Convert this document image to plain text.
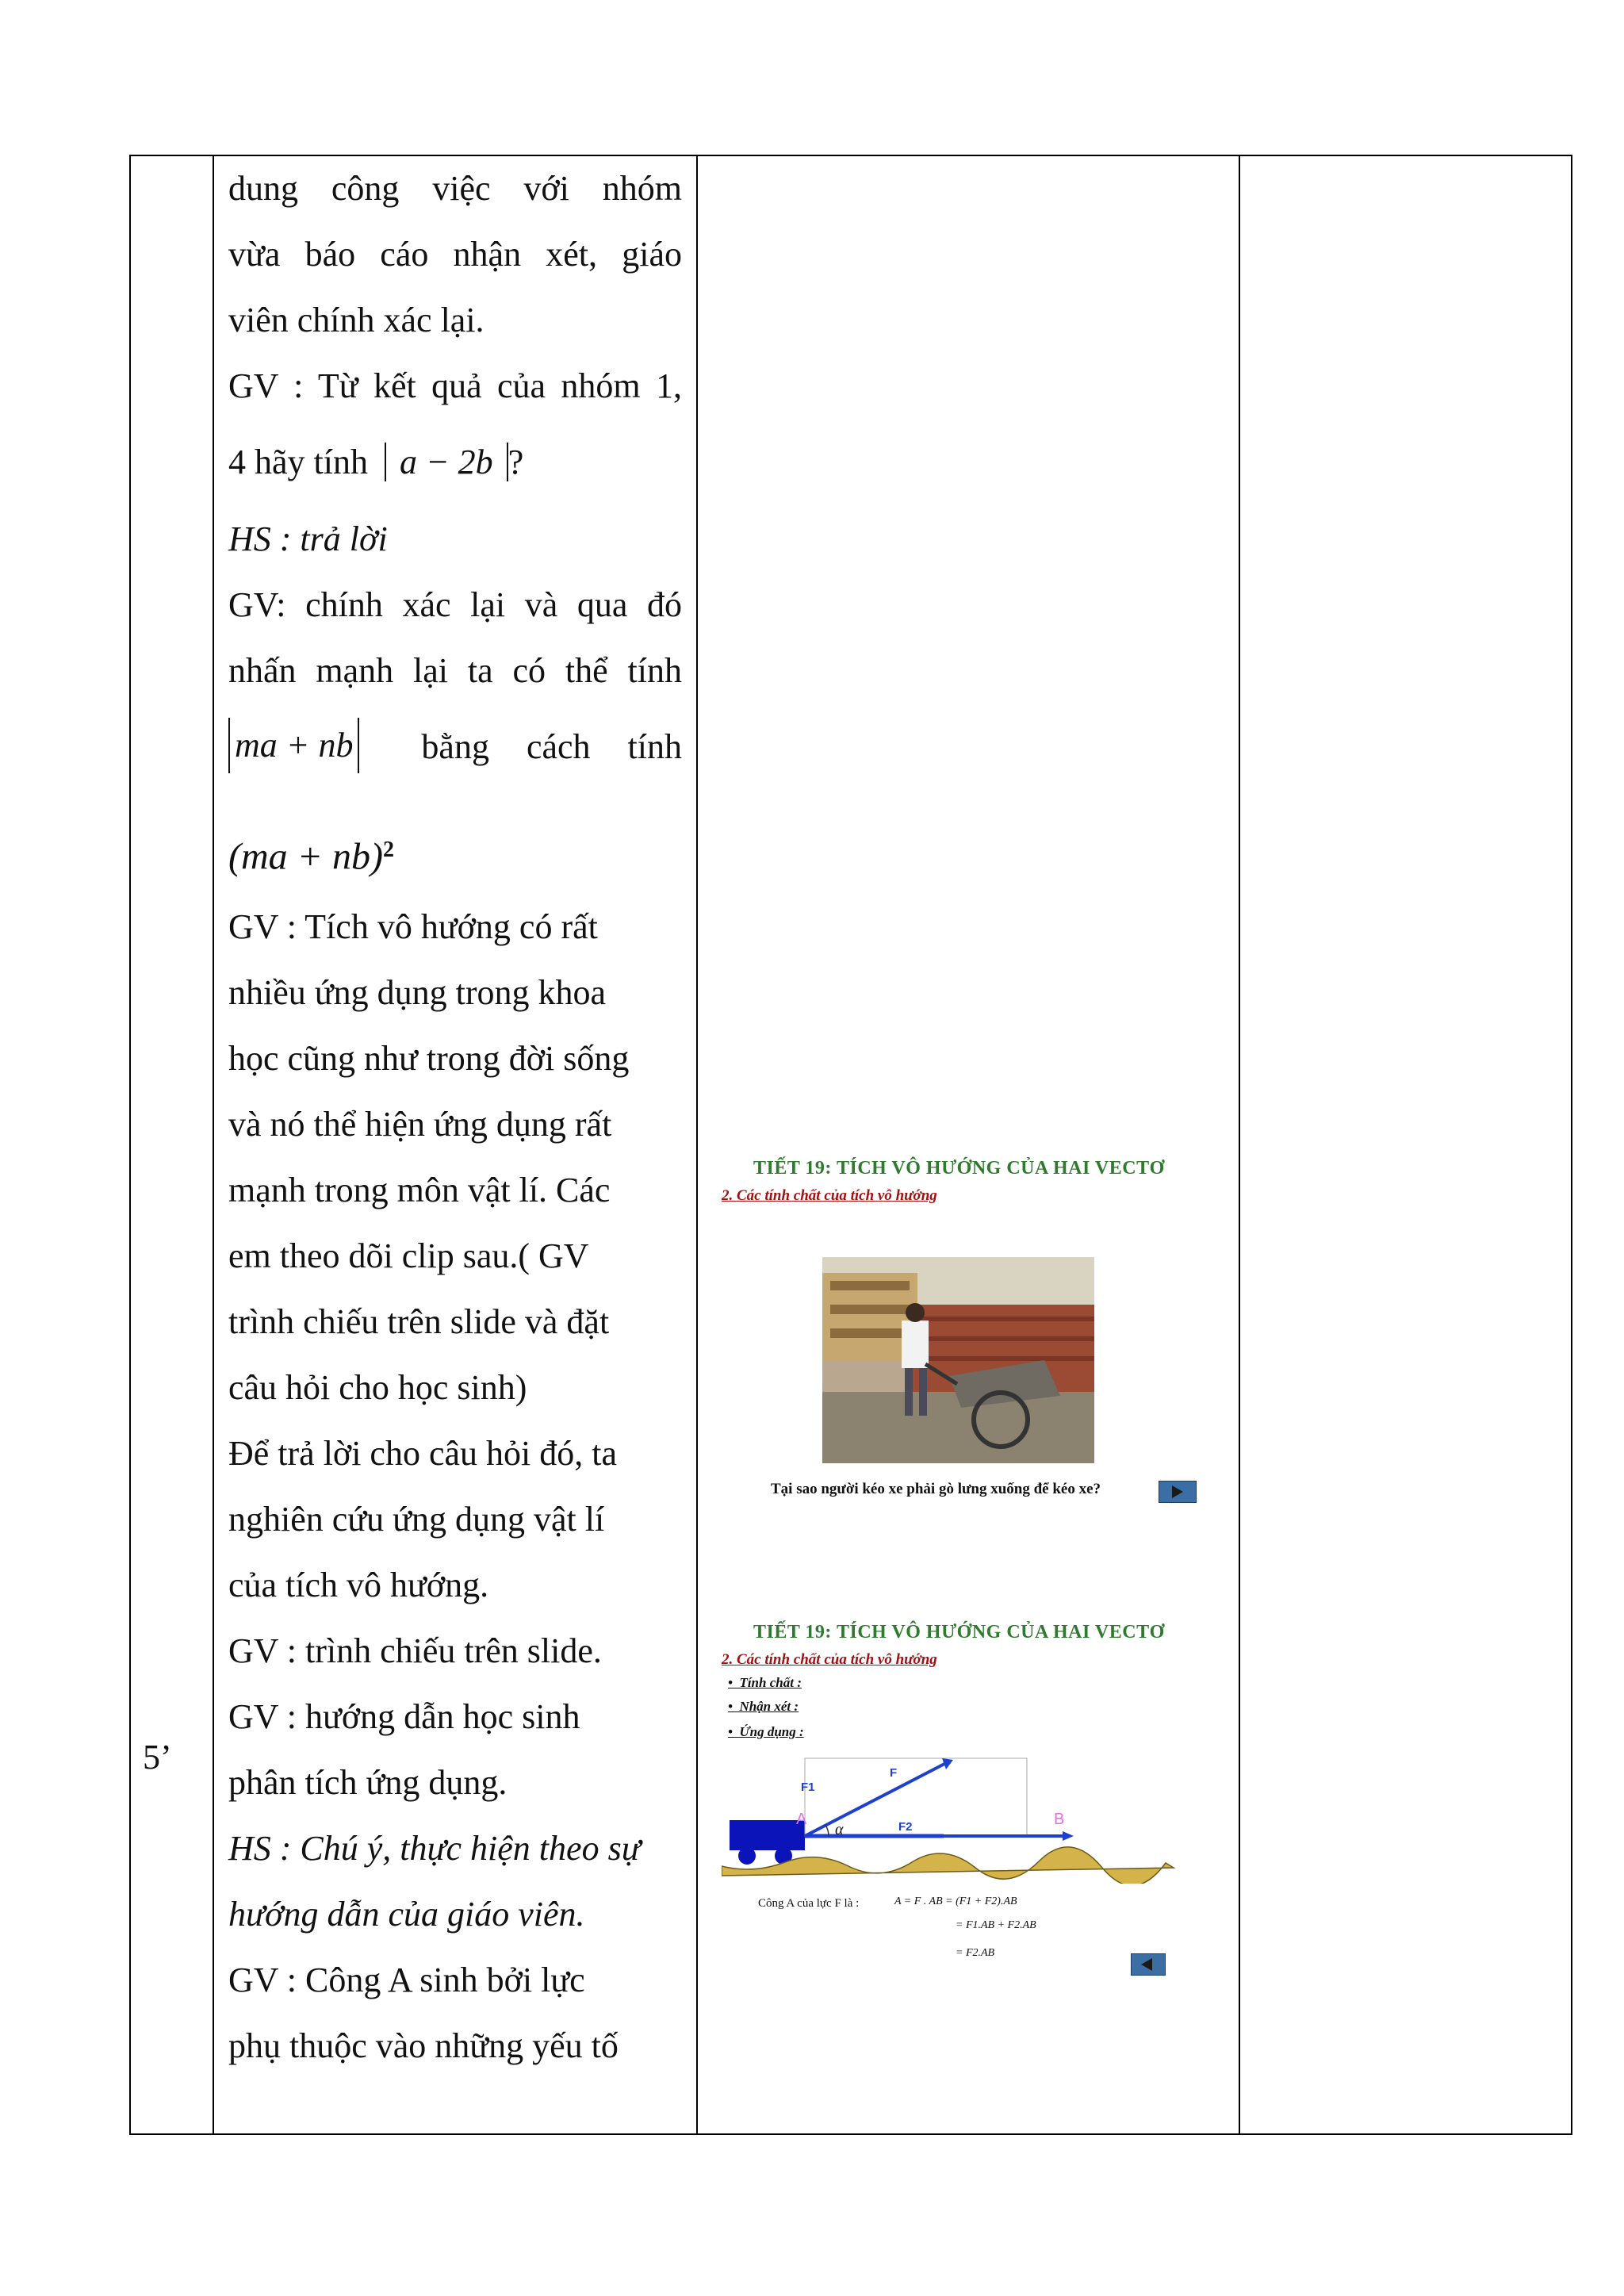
5’
dung công việc với nhóm
vừa báo cáo nhận xét, giáo
viên chính xác lại.
GV : Từ kết quả của nhóm 1,
4 hãy tính a − 2b ?
HS : trả lời
GV: chính xác lại và qua đó
nhấn mạnh lại ta có thể tính
ma + nb bằng cách tính
(ma + nb)$^2$
GV : Tích vô hướng có rất
nhiều ứng dụng trong khoa
học cũng như trong đời sống
và nó thể hiện ứng dụng rất
mạnh trong môn vật lí. Các
em theo dõi clip sau.( GV
trình chiếu trên slide và đặt
câu hỏi cho học sinh)
Để trả lời cho câu hỏi đó, ta
nghiên cứu ứng dụng vật lí
của tích vô hướng.
GV : trình chiếu trên slide.
GV : hướng dẫn học sinh
phân tích ứng dụng.
HS : Chú ý, thực hiện theo sự
hướng dẫn của giáo viên.
GV : Công A sinh bởi lực
phụ thuộc vào những yếu tố
TIẾT 19: TÍCH VÔ HƯỚNG CỦA HAI VECTƠ
2. Các tính chất của tích vô hướng
Tại sao người kéo xe phải gò lưng xuống để kéo xe?
TIẾT 19: TÍCH VÔ HƯỚNG CỦA HAI VECTƠ
2. Các tính chất của tích vô hướng
•  Tính chất :
•  Nhận xét :
•  Ứng dụng :
F
F1
F2
A	B
α
Công A của lực F là :	A = F . AB = (F1 + F2).AB
= F1.AB + F2.AB
= F2.AB
